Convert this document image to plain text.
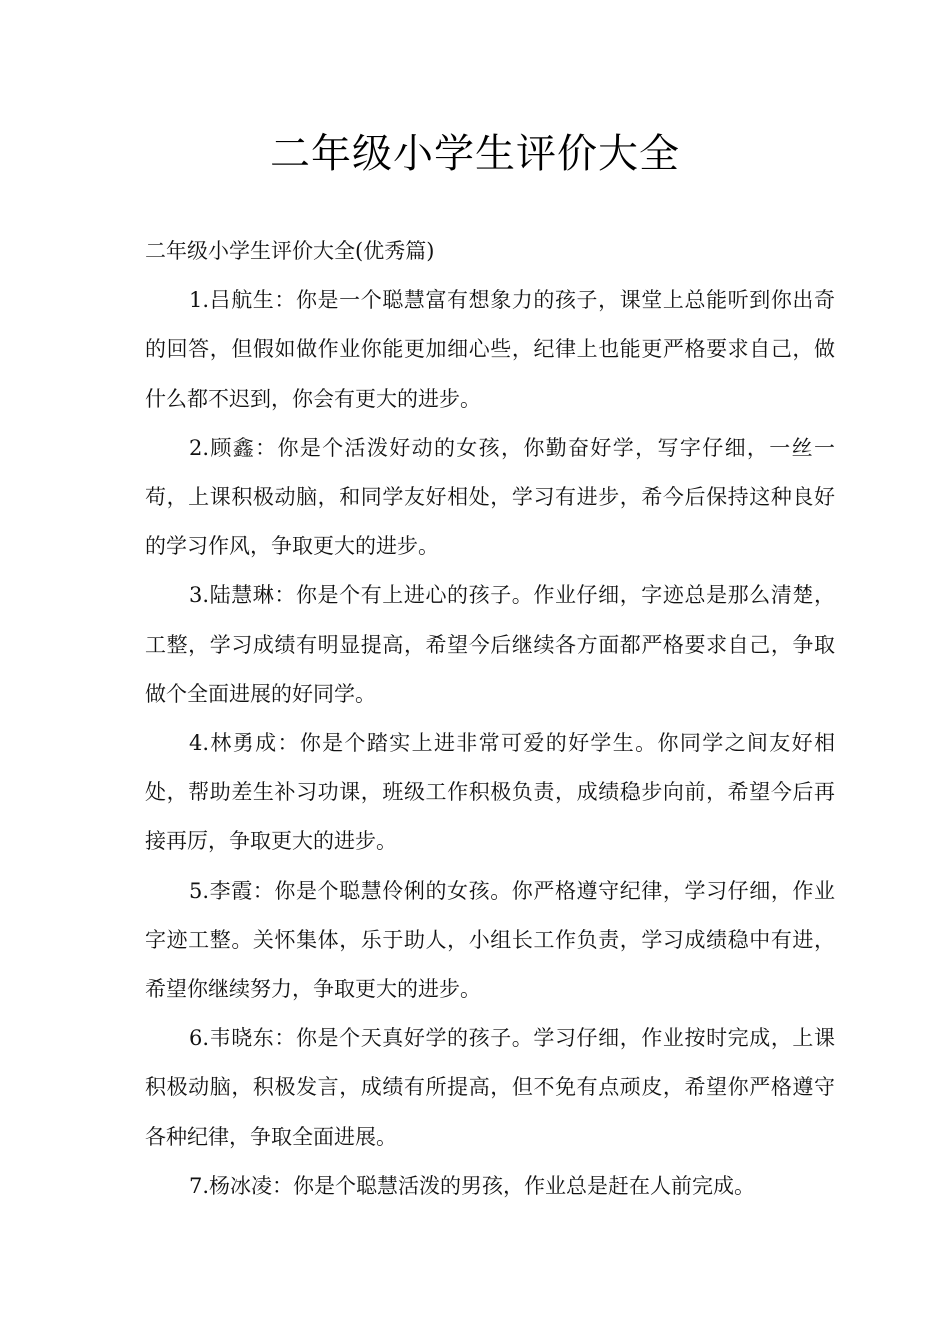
二年级小学生评价大全

二年级小学生评价大全(优秀篇)

1.吕航生：你是一个聪慧富有想象力的孩子，课堂上总能听到你出奇的回答，但假如做作业你能更加细心些，纪律上也能更严格要求自己，做什么都不迟到，你会有更大的进步。

2.顾鑫：你是个活泼好动的女孩，你勤奋好学，写字仔细，一丝一苟，上课积极动脑，和同学友好相处，学习有进步，希今后保持这种良好的学习作风，争取更大的进步。

3.陆慧琳：你是个有上进心的孩子。作业仔细，字迹总是那么清楚，工整，学习成绩有明显提高，希望今后继续各方面都严格要求自己，争取做个全面进展的好同学。

4.林勇成：你是个踏实上进非常可爱的好学生。你同学之间友好相处，帮助差生补习功课，班级工作积极负责，成绩稳步向前，希望今后再接再厉，争取更大的进步。

5.李霞：你是个聪慧伶俐的女孩。你严格遵守纪律，学习仔细，作业字迹工整。关怀集体，乐于助人，小组长工作负责，学习成绩稳中有进，希望你继续努力，争取更大的进步。

6.韦晓东：你是个天真好学的孩子。学习仔细，作业按时完成，上课积极动脑，积极发言，成绩有所提高，但不免有点顽皮，希望你严格遵守各种纪律，争取全面进展。

7.杨冰凌：你是个聪慧活泼的男孩，作业总是赶在人前完成。
